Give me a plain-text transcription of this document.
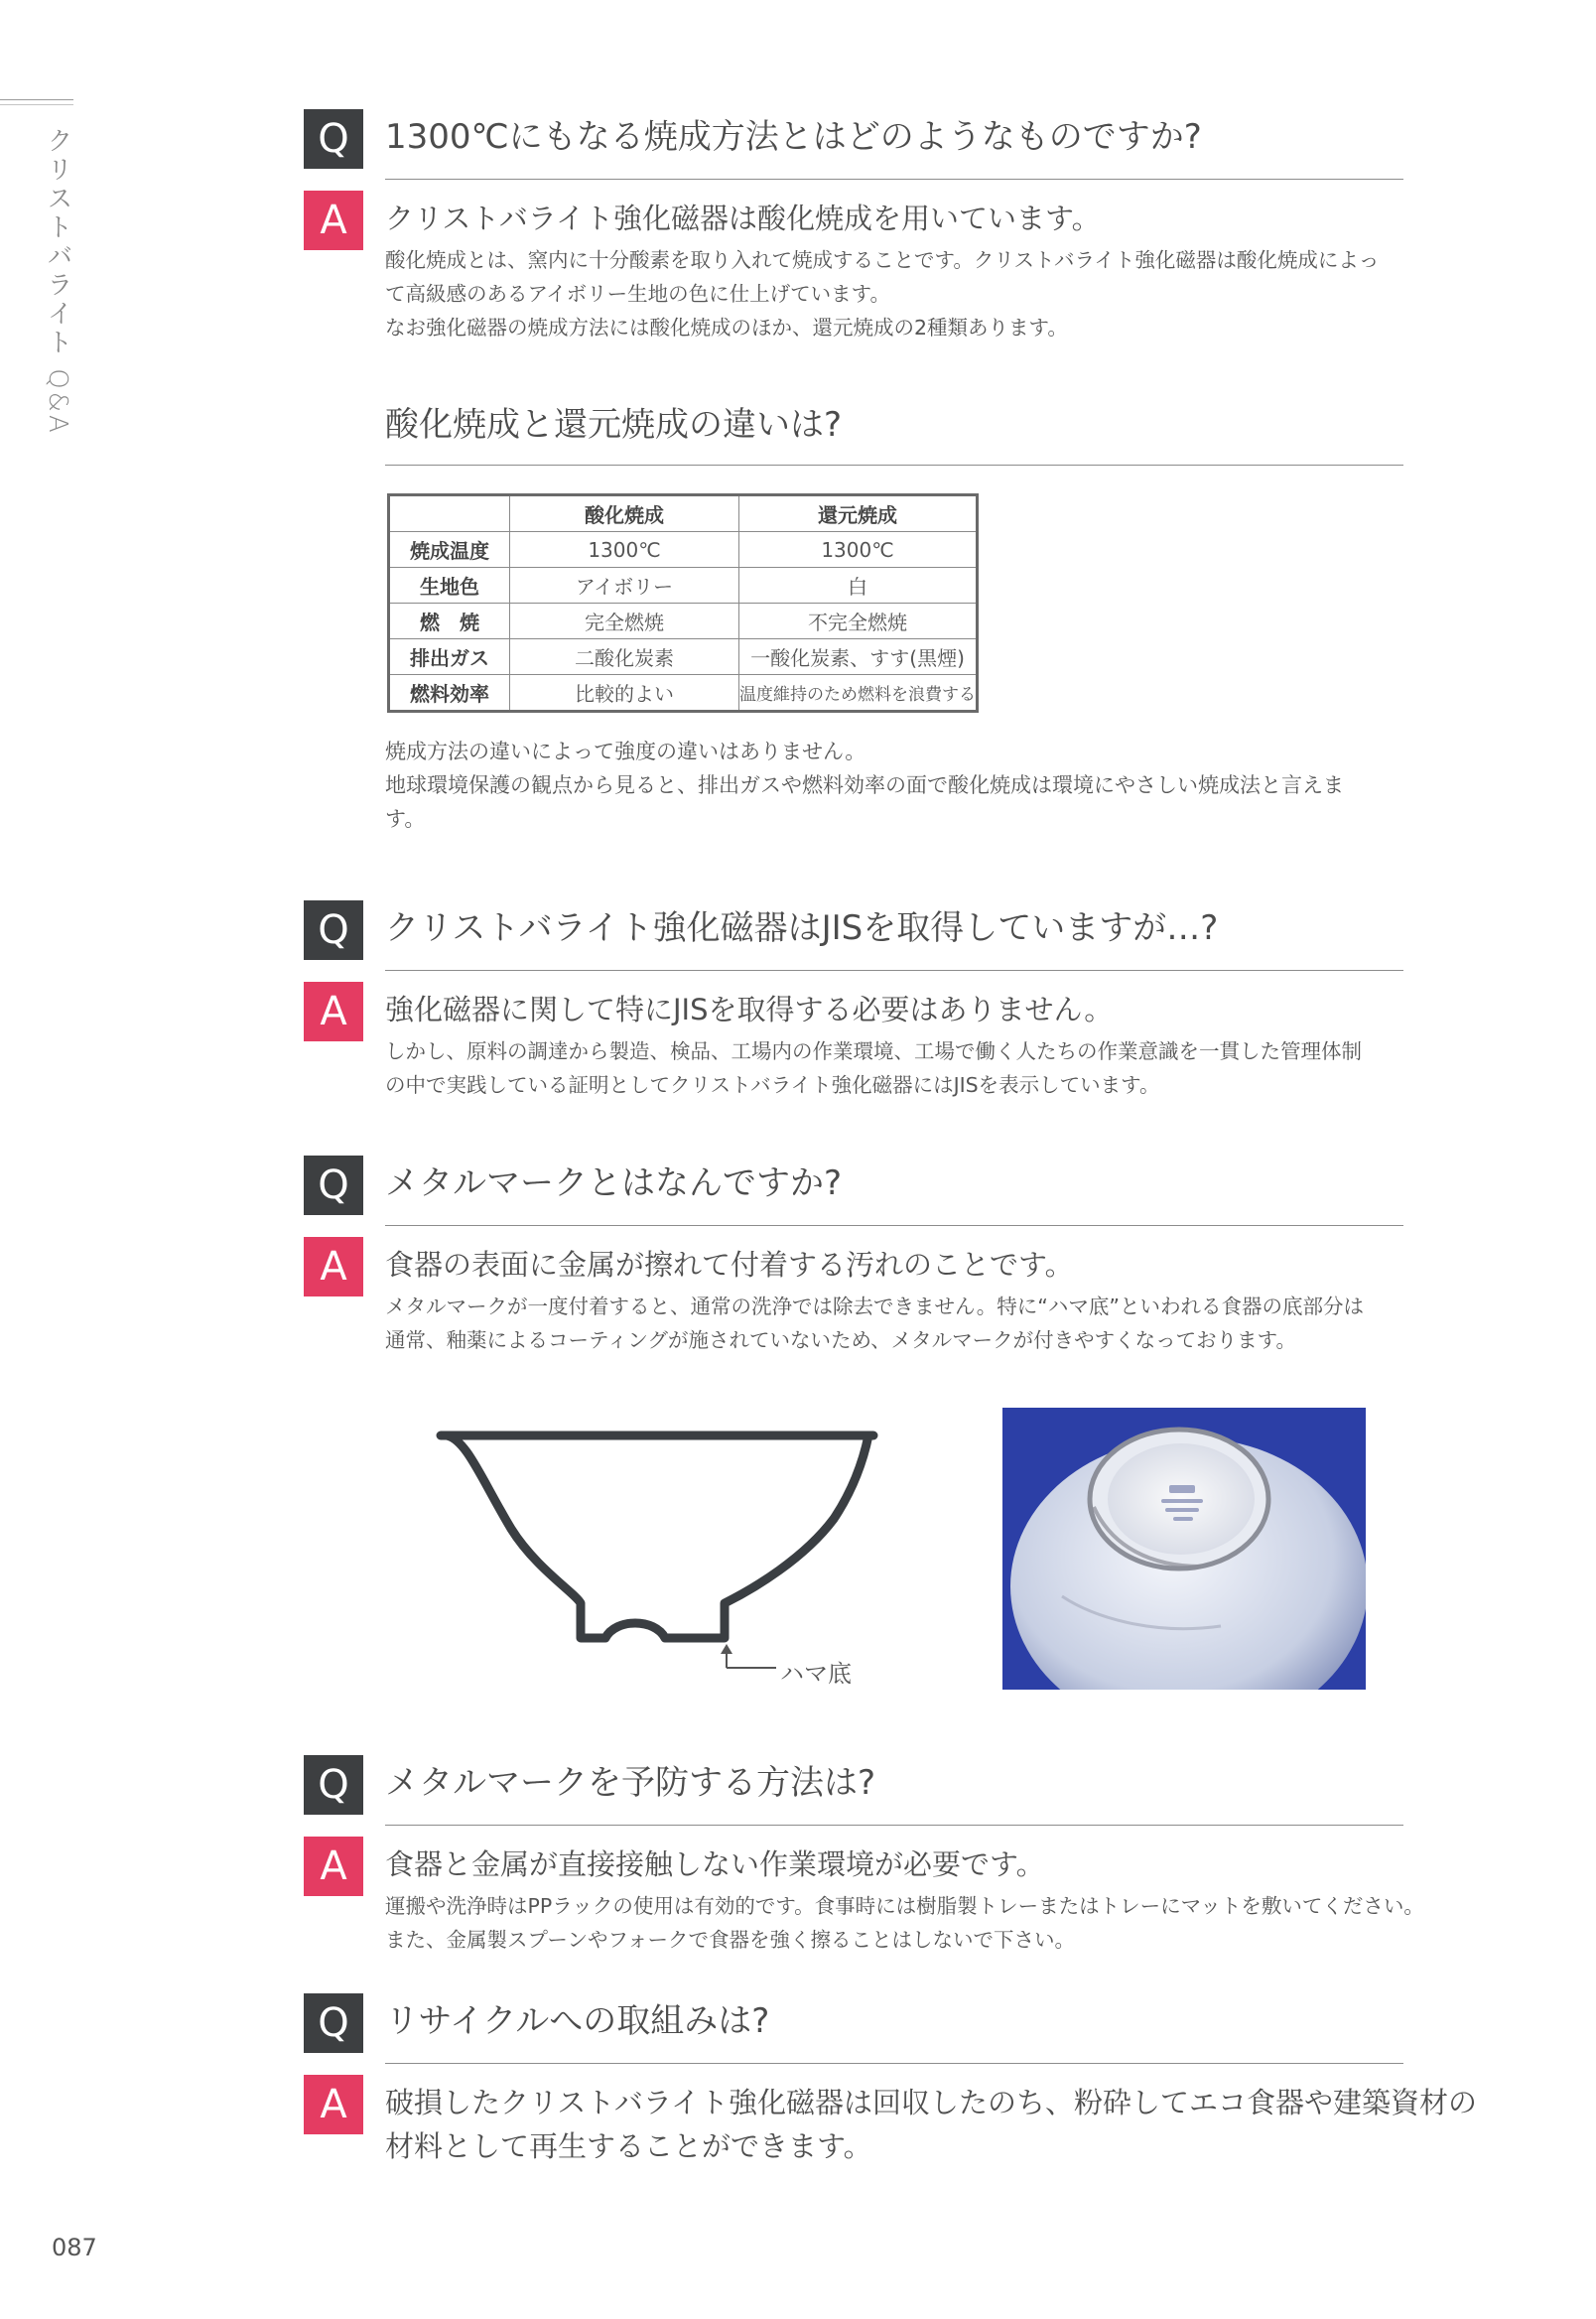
クリストバライト Q&A	Q	1300℃にもなる焼成方法とはどのようなものですか?
A	クリストバライト強化磁器は酸化焼成を用いています。

酸化焼成とは、窯内に十分酸素を取り入れて焼成することです。クリストバライト強化磁器は酸化焼成によっ

て高級感のあるアイボリー生地の色に仕上げています。

なお強化磁器の焼成方法には酸化焼成のほか、還元焼成の2種類あります。

酸化焼成と還元焼成の違いは?
	酸化焼成	還元焼成
焼成温度	1300℃	1300℃
生地色	アイボリー	白
燃　焼	完全燃焼	不完全燃焼
排出ガス	二酸化炭素	一酸化炭素、すす(黒煙)
燃料効率	比較的よい	温度維持のため燃料を浪費する

焼成方法の違いによって強度の違いはありません。

地球環境保護の観点から見ると、排出ガスや燃料効率の面で酸化焼成は環境にやさしい焼成法と言えま

す。

Q	クリストバライト強化磁器はJISを取得していますが…?
A	強化磁器に関して特にJISを取得する必要はありません。

しかし、原料の調達から製造、検品、工場内の作業環境、工場で働く人たちの作業意識を一貫した管理体制

の中で実践している証明としてクリストバライト強化磁器にはJISを表示しています。

Q	メタルマークとはなんですか?
A	食器の表面に金属が擦れて付着する汚れのことです。

メタルマークが一度付着すると、通常の洗浄では除去できません。特に“ハマ底”といわれる食器の底部分は

通常、釉薬によるコーティングが施されていないため、メタルマークが付きやすくなっております。

ハマ底
Q	メタルマークを予防する方法は?
A	食器と金属が直接接触しない作業環境が必要です。

運搬や洗浄時はPPラックの使用は有効的です。食事時には樹脂製トレーまたはトレーにマットを敷いてください。

また、金属製スプーンやフォークで食器を強く擦ることはしないで下さい。

Q	リサイクルへの取組みは?
A	破損したクリストバライト強化磁器は回収したのち、粉砕してエコ食器や建築資材の

材料として再生することができます。

087
